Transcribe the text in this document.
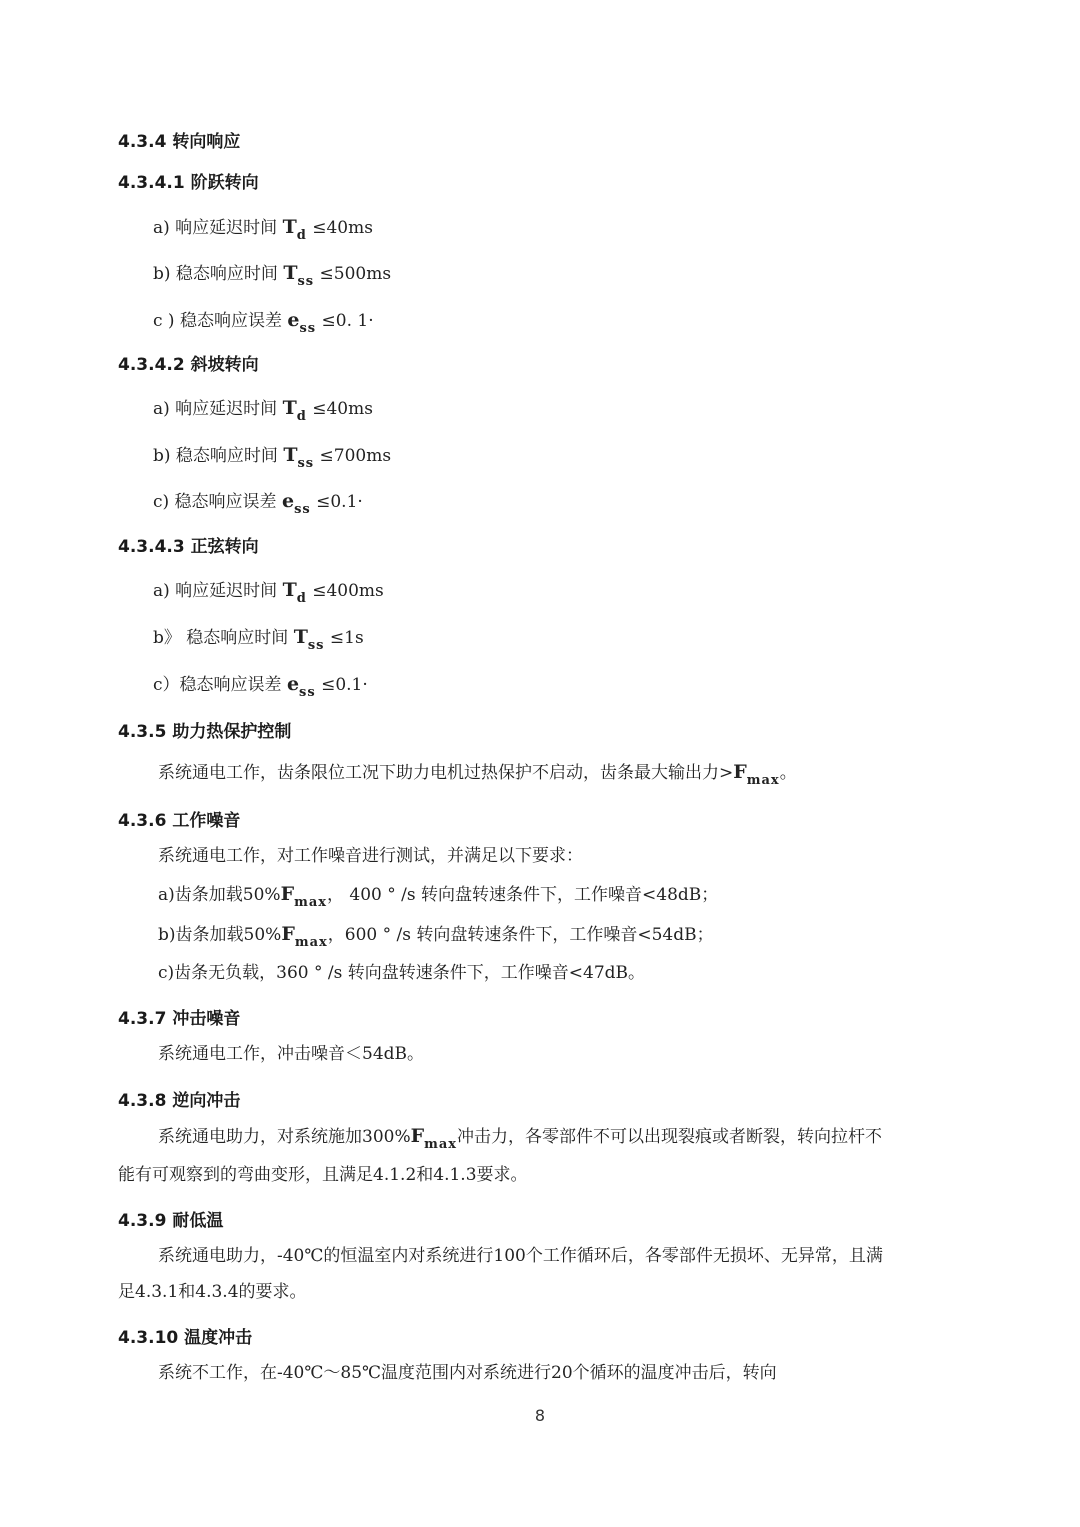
4.3.4 转向响应
4.3.4.1 阶跃转向
a) 响应延迟时间 $T_d \le 40ms$
b) 稳态响应时间 $T_{ss} \le 500ms$
c ) 稳态响应误差 $e_{ss} \le 0$. 1·
4.3.4.2 斜坡转向
a) 响应延迟时间 $T_d \le 40ms$
b) 稳态响应时间 $T_{ss} \le 700ms$
c) 稳态响应误差 $e_{ss} \le 0.1\cdot$
4.3.4.3 正弦转向
a) 响应延迟时间 $T_d \le 400ms$
b》 稳态响应时间 $T_{ss} \le 1s$
c）稳态响应误差 $e_{ss} \le 0.1\cdot$
4.3.5 助力热保护控制
系统通电工作，齿条限位工况下助力电机过热保护不启动，齿条最大输出力$>F_{max}$。
4.3.6 工作噪音
系统通电工作，对工作噪音进行测试，并满足以下要求：
a)齿条加载$50\%F_{max}$， 400 ° /s 转向盘转速条件下，工作噪音<48dB；
b)齿条加载$50\%F_{max}$，600 ° /s 转向盘转速条件下，工作噪音<54dB；
c)齿条无负载，360 ° /s 转向盘转速条件下，工作噪音<47dB。
4.3.7 冲击噪音
系统通电工作，冲击噪音＜54dB。
4.3.8 逆向冲击
系统通电助力，对系统施加$300\%F_{max}$冲击力，各零部件不可以出现裂痕或者断裂，转向拉杆不
能有可观察到的弯曲变形，且满足4.1.2和4.1.3要求。
4.3.9 耐低温
系统通电助力，-40℃的恒温室内对系统进行100个工作循环后，各零部件无损坏、无异常，且满
足4.3.1和4.3.4的要求。
4.3.10 温度冲击
系统不工作，在-40℃～85℃温度范围内对系统进行20个循环的温度冲击后，转向
8
